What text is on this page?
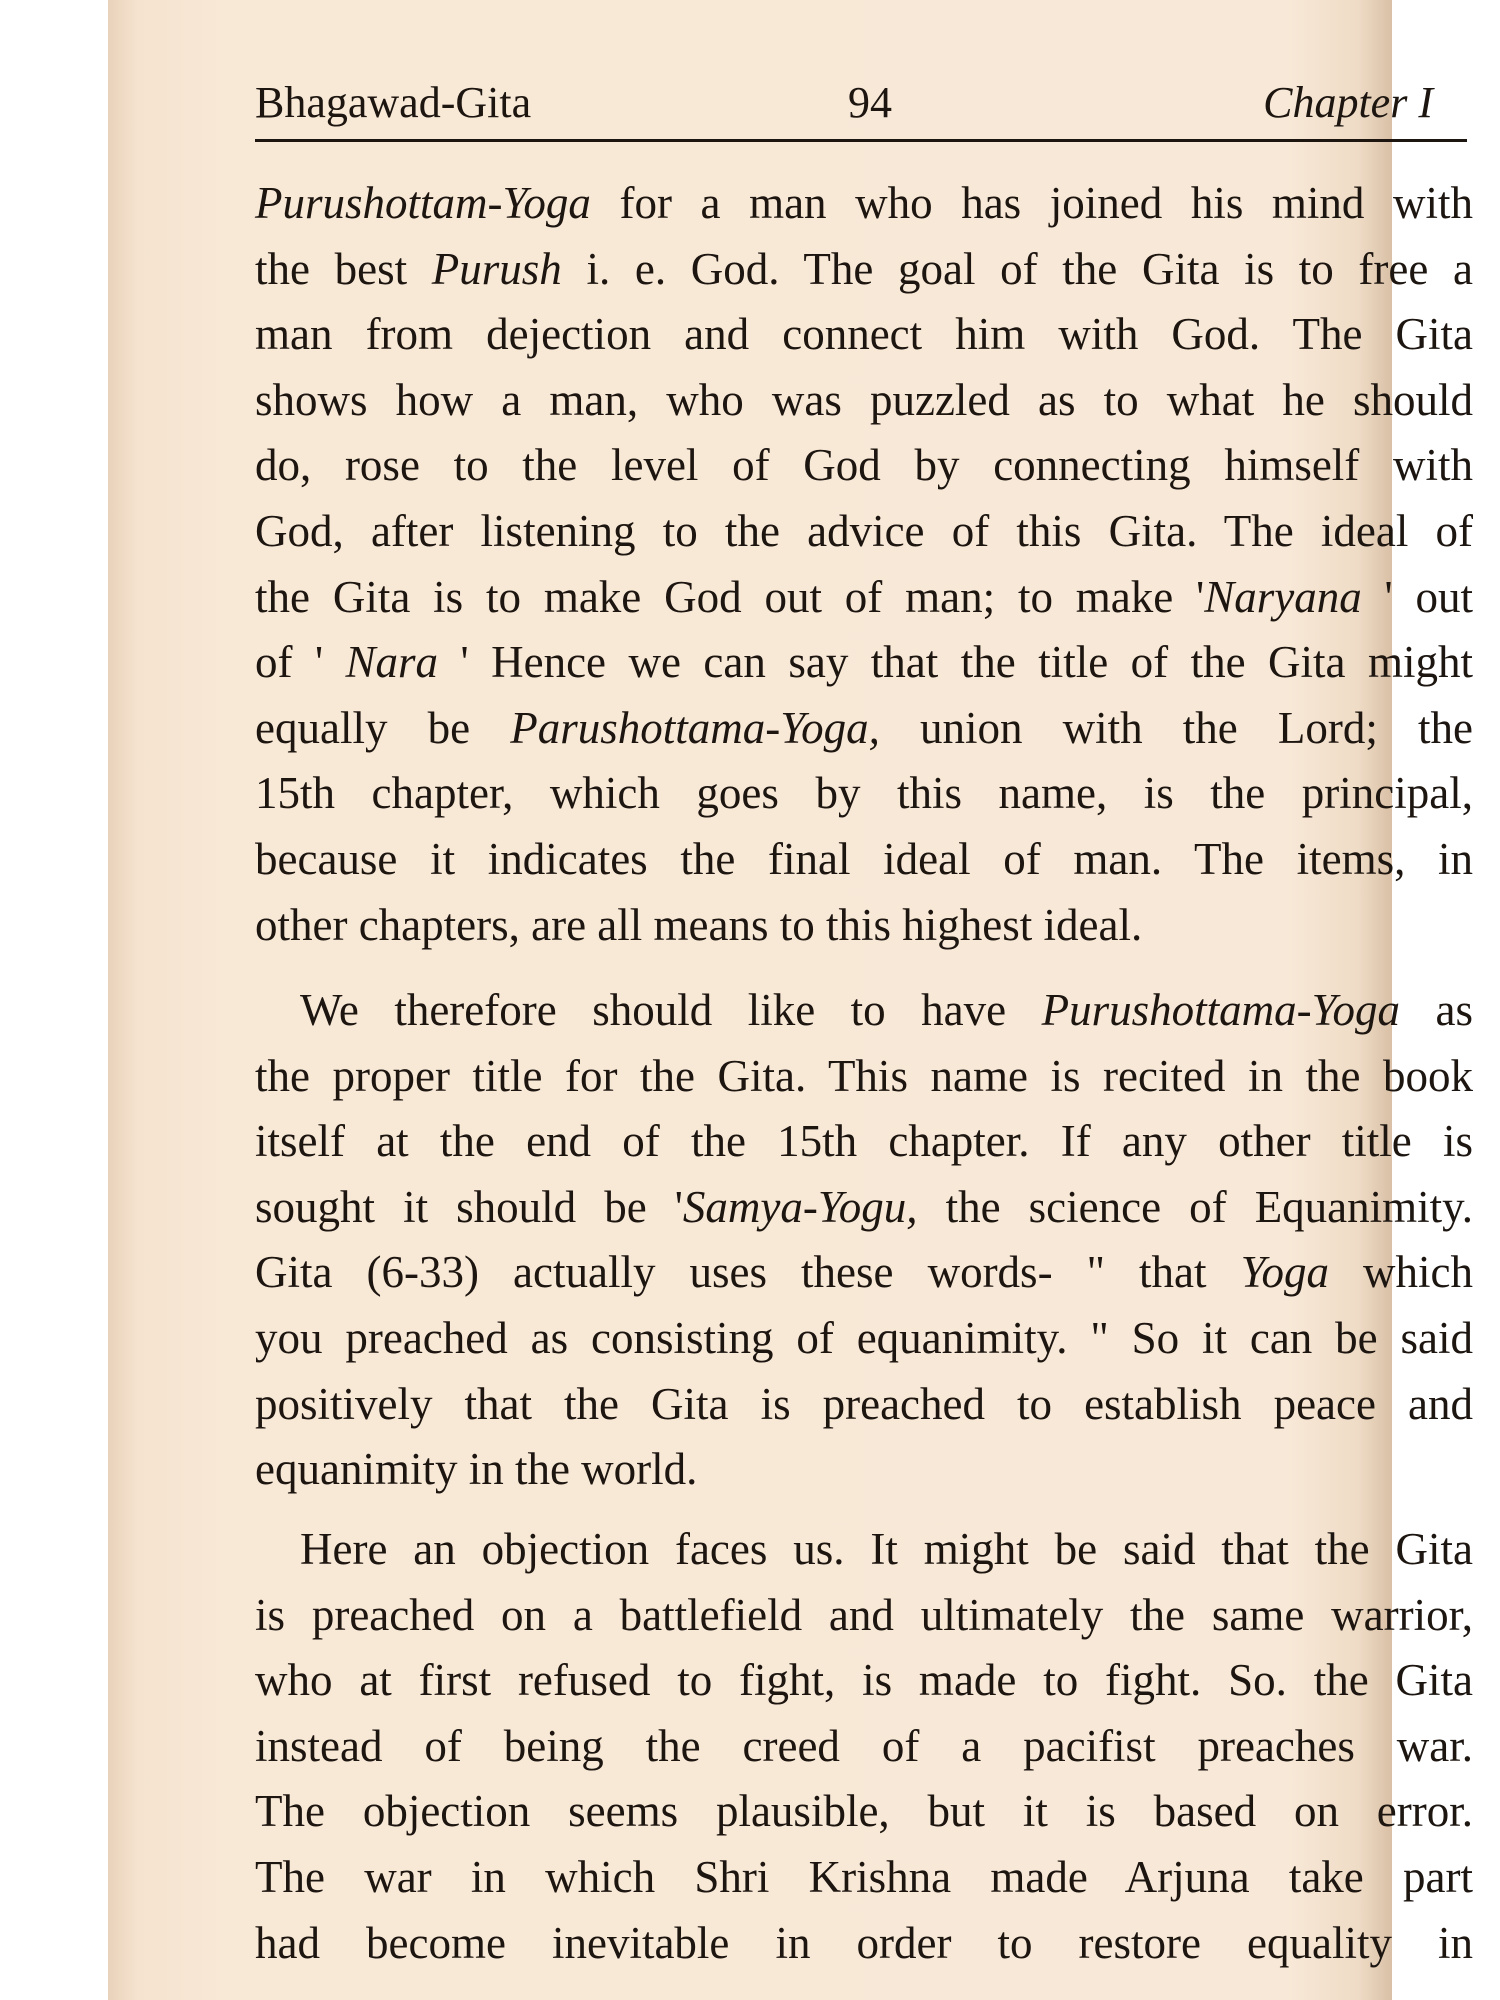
Bhagawad-Gita	94	Chapter I
Purushottam-Yoga for a man who has joined his mind with
the best Purush i. e. God. The goal of the Gita is to free a
man from dejection and connect him with God. The Gita
shows how a man, who was puzzled as to what he should
do, rose to the level of God by connecting himself with
God, after listening to the advice of this Gita. The ideal of
the Gita is to make God out of man; to make 'Naryana ' out
of ' Nara ' Hence we can say that the title of the Gita might
equally be Parushottama-Yoga, union with the Lord; the
15th chapter, which goes by this name, is the principal,
because it indicates the final ideal of man. The items, in
other chapters, are all means to this highest ideal.
We therefore should like to have Purushottama-Yoga as
the proper title for the Gita. This name is recited in the book
itself at the end of the 15th chapter. If any other title is
sought it should be 'Samya-Yogu, the science of Equanimity.
Gita (6-33) actually uses these words- " that Yoga which
you preached as consisting of equanimity. " So it can be said
positively that the Gita is preached to establish peace and
equanimity in the world.
Here an objection faces us. It might be said that the Gita
is preached on a battlefield and ultimately the same warrior,
who at first refused to fight, is made to fight. So. the Gita
instead of being the creed of a pacifist preaches war.
The objection seems plausible, but it is based on error.
The war in which Shri Krishna made Arjuna take part
had become inevitable in order to restore equality in
